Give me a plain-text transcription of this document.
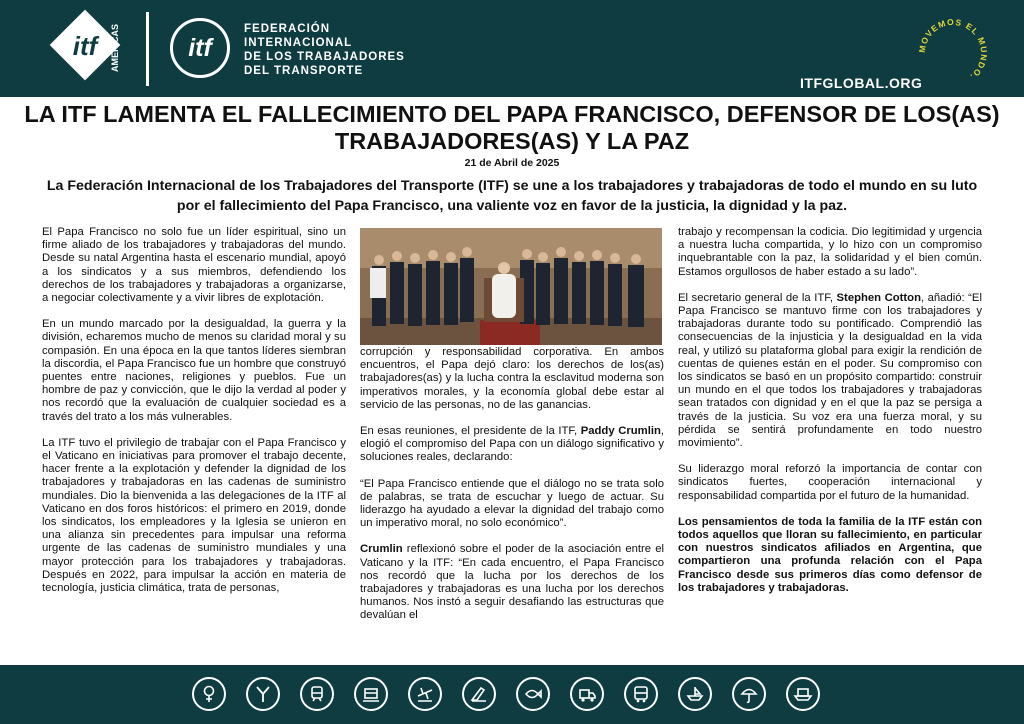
itf	AMERICAS	itf
FEDERACIÓN
INTERNACIONAL
DE LOS TRABAJADORES
DEL TRANSPORTE
ITFGLOBAL.ORG
MOVEMOS EL MUNDO.
LA ITF LAMENTA EL FALLECIMIENTO DEL PAPA FRANCISCO, DEFENSOR DE LOS(AS) TRABAJADORES(AS) Y LA PAZ
21 de Abril de 2025
La Federación Internacional de los Trabajadores del Transporte (ITF) se une a los trabajadores y trabajadoras de todo el mundo en su luto por el fallecimiento del Papa Francisco, una valiente voz en favor de la justicia, la dignidad y la paz.

El Papa Francisco no solo fue un líder espiritual, sino un firme aliado de los trabajadores y trabajadoras del mundo. Desde su natal Argentina hasta el escenario mundial, apoyó a los sindicatos y a sus miembros, defendiendo los derechos de los trabajadores y trabajadoras a organizarse, a negociar colectivamente y a vivir libres de explotación.

En un mundo marcado por la desigualdad, la guerra y la división, echaremos mucho de menos su claridad moral y su compasión. En una época en la que tantos líderes siembran la discordia, el Papa Francisco fue un hombre que construyó puentes entre naciones, religiones y pueblos. Fue un hombre de paz y convicción, que le dijo la verdad al poder y nos recordó que la evaluación de cualquier sociedad es a través del trato a los más vulnerables.

La ITF tuvo el privilegio de trabajar con el Papa Francisco y el Vaticano en iniciativas para promover el trabajo decente, hacer frente a la explotación y defender la dignidad de los trabajadores y trabajadoras en las cadenas de suministro mundiales. Dio la bienvenida a las delegaciones de la ITF al Vaticano en dos foros históricos: el primero en 2019, donde los sindicatos, los empleadores y la Iglesia se unieron en una alianza sin precedentes para impulsar una reforma urgente de las cadenas de suministro mundiales y una mayor protección para los trabajadores y trabajadoras. Después en 2022, para impulsar la acción en materia de tecnología, justicia climática, trata de personas,

corrupción y responsabilidad corporativa. En ambos encuentros, el Papa dejó claro: los derechos de los(as) trabajadores(as) y la lucha contra la esclavitud moderna son imperativos morales, y la economía global debe estar al servicio de las personas, no de las ganancias.

En esas reuniones, el presidente de la ITF, Paddy Crumlin, elogió el compromiso del Papa con un diálogo significativo y soluciones reales, declarando:

“El Papa Francisco entiende que el diálogo no se trata solo de palabras, se trata de escuchar y luego de actuar. Su liderazgo ha ayudado a elevar la dignidad del trabajo como un imperativo moral, no solo económico”.

Crumlin reflexionó sobre el poder de la asociación entre el Vaticano y la ITF: “En cada encuentro, el Papa Francisco nos recordó que la lucha por los derechos de los trabajadores y trabajadoras es una lucha por los derechos humanos. Nos instó a seguir desafiando las estructuras que devalúan el

trabajo y recompensan la codicia. Dio legitimidad y urgencia a nuestra lucha compartida, y lo hizo con un compromiso inquebrantable con la paz, la solidaridad y el bien común. Estamos orgullosos de haber estado a su lado”.

El secretario general de la ITF, Stephen Cotton, añadió: “El Papa Francisco se mantuvo firme con los trabajadores y trabajadoras durante todo su pontificado. Comprendió las consecuencias de la injusticia y la desigualdad en la vida real, y utilizó su plataforma global para exigir la rendición de cuentas de quienes están en el poder. Su compromiso con los sindicatos se basó en un propósito compartido: construir un mundo en el que todos los trabajadores y trabajadoras sean tratados con dignidad y en el que la paz se persiga a través de la justicia. Su voz era una fuerza moral, y su pérdida se sentirá profundamente en todo nuestro movimiento”.

Su liderazgo moral reforzó la importancia de contar con sindicatos fuertes, cooperación internacional y responsabilidad compartida por el futuro de la humanidad.

Los pensamientos de toda la familia de la ITF están con todos aquellos que lloran su fallecimiento, en particular con nuestros sindicatos afiliados en Argentina, que compartieron una profunda relación con el Papa Francisco desde sus primeros días como defensor de los trabajadores y trabajadoras.
